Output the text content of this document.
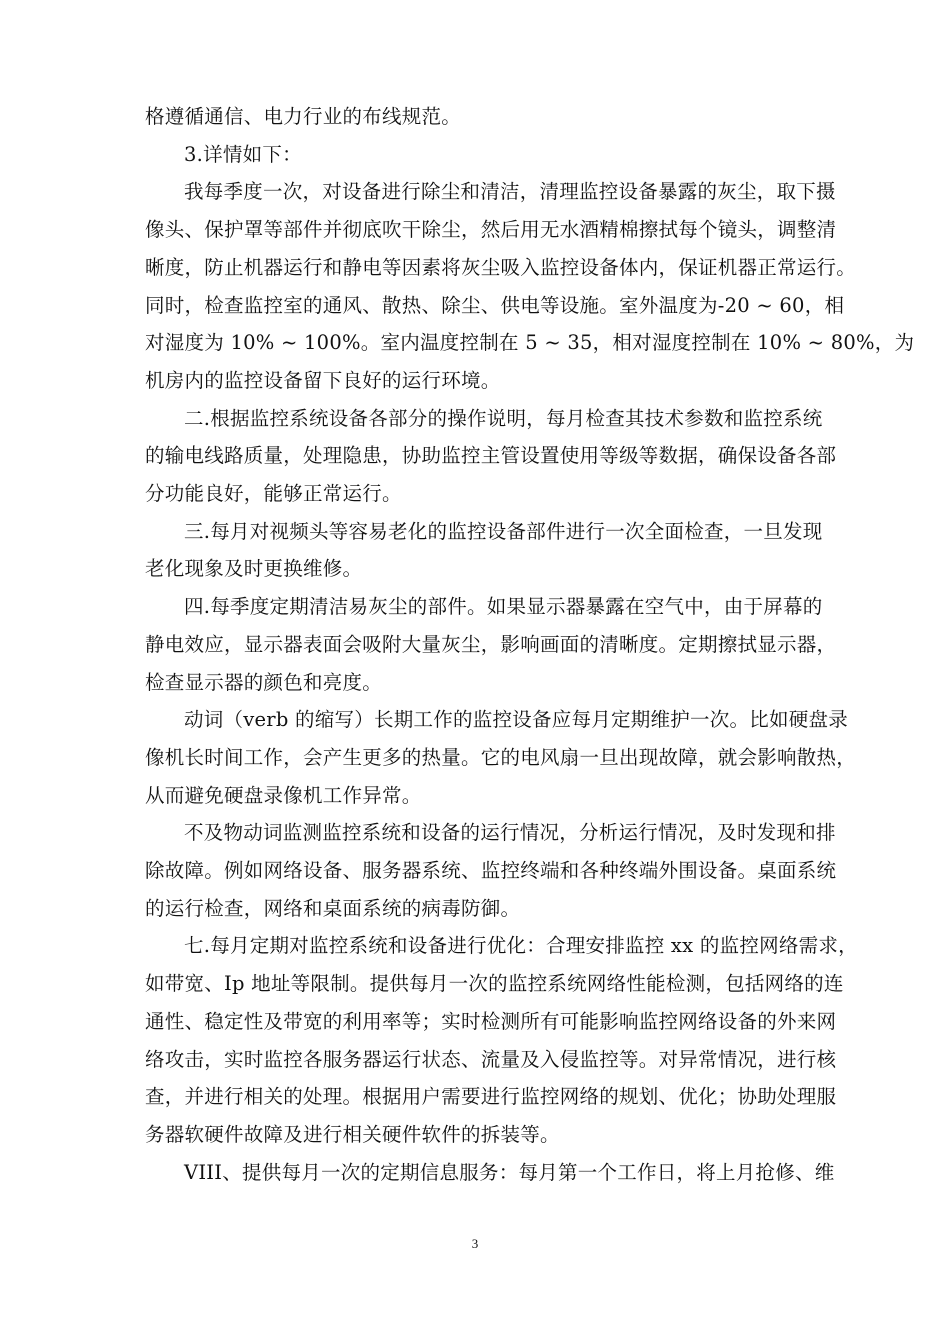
格遵循通信、电力行业的布线规范。

3.详情如下：

我每季度一次，对设备进行除尘和清洁，清理监控设备暴露的灰尘，取下摄
像头、保护罩等部件并彻底吹干除尘，然后用无水酒精棉擦拭每个镜头，调整清
晰度，防止机器运行和静电等因素将灰尘吸入监控设备体内，保证机器正常运行。
同时，检查监控室的通风、散热、除尘、供电等设施。室外温度为-20 ~ 60，相
对湿度为 10% ~ 100%。室内温度控制在 5 ~ 35，相对湿度控制在 10% ~ 80%，为
机房内的监控设备留下良好的运行环境。

二.根据监控系统设备各部分的操作说明，每月检查其技术参数和监控系统
的输电线路质量，处理隐患，协助监控主管设置使用等级等数据，确保设备各部
分功能良好，能够正常运行。

三.每月对视频头等容易老化的监控设备部件进行一次全面检查，一旦发现
老化现象及时更换维修。

四.每季度定期清洁易灰尘的部件。如果显示器暴露在空气中，由于屏幕的
静电效应，显示器表面会吸附大量灰尘，影响画面的清晰度。定期擦拭显示器，
检查显示器的颜色和亮度。

动词（verb 的缩写）长期工作的监控设备应每月定期维护一次。比如硬盘录
像机长时间工作，会产生更多的热量。它的电风扇一旦出现故障，就会影响散热，
从而避免硬盘录像机工作异常。

不及物动词监测监控系统和设备的运行情况，分析运行情况，及时发现和排
除故障。例如网络设备、服务器系统、监控终端和各种终端外围设备。桌面系统
的运行检查，网络和桌面系统的病毒防御。

七.每月定期对监控系统和设备进行优化：合理安排监控 xx 的监控网络需求，
如带宽、Ip 地址等限制。提供每月一次的监控系统网络性能检测，包括网络的连
通性、稳定性及带宽的利用率等；实时检测所有可能影响监控网络设备的外来网
络攻击，实时监控各服务器运行状态、流量及入侵监控等。对异常情况，进行核
查，并进行相关的处理。根据用户需要进行监控网络的规划、优化；协助处理服
务器软硬件故障及进行相关硬件软件的拆装等。

VIII、提供每月一次的定期信息服务：每月第一个工作日，将上月抢修、维

3
